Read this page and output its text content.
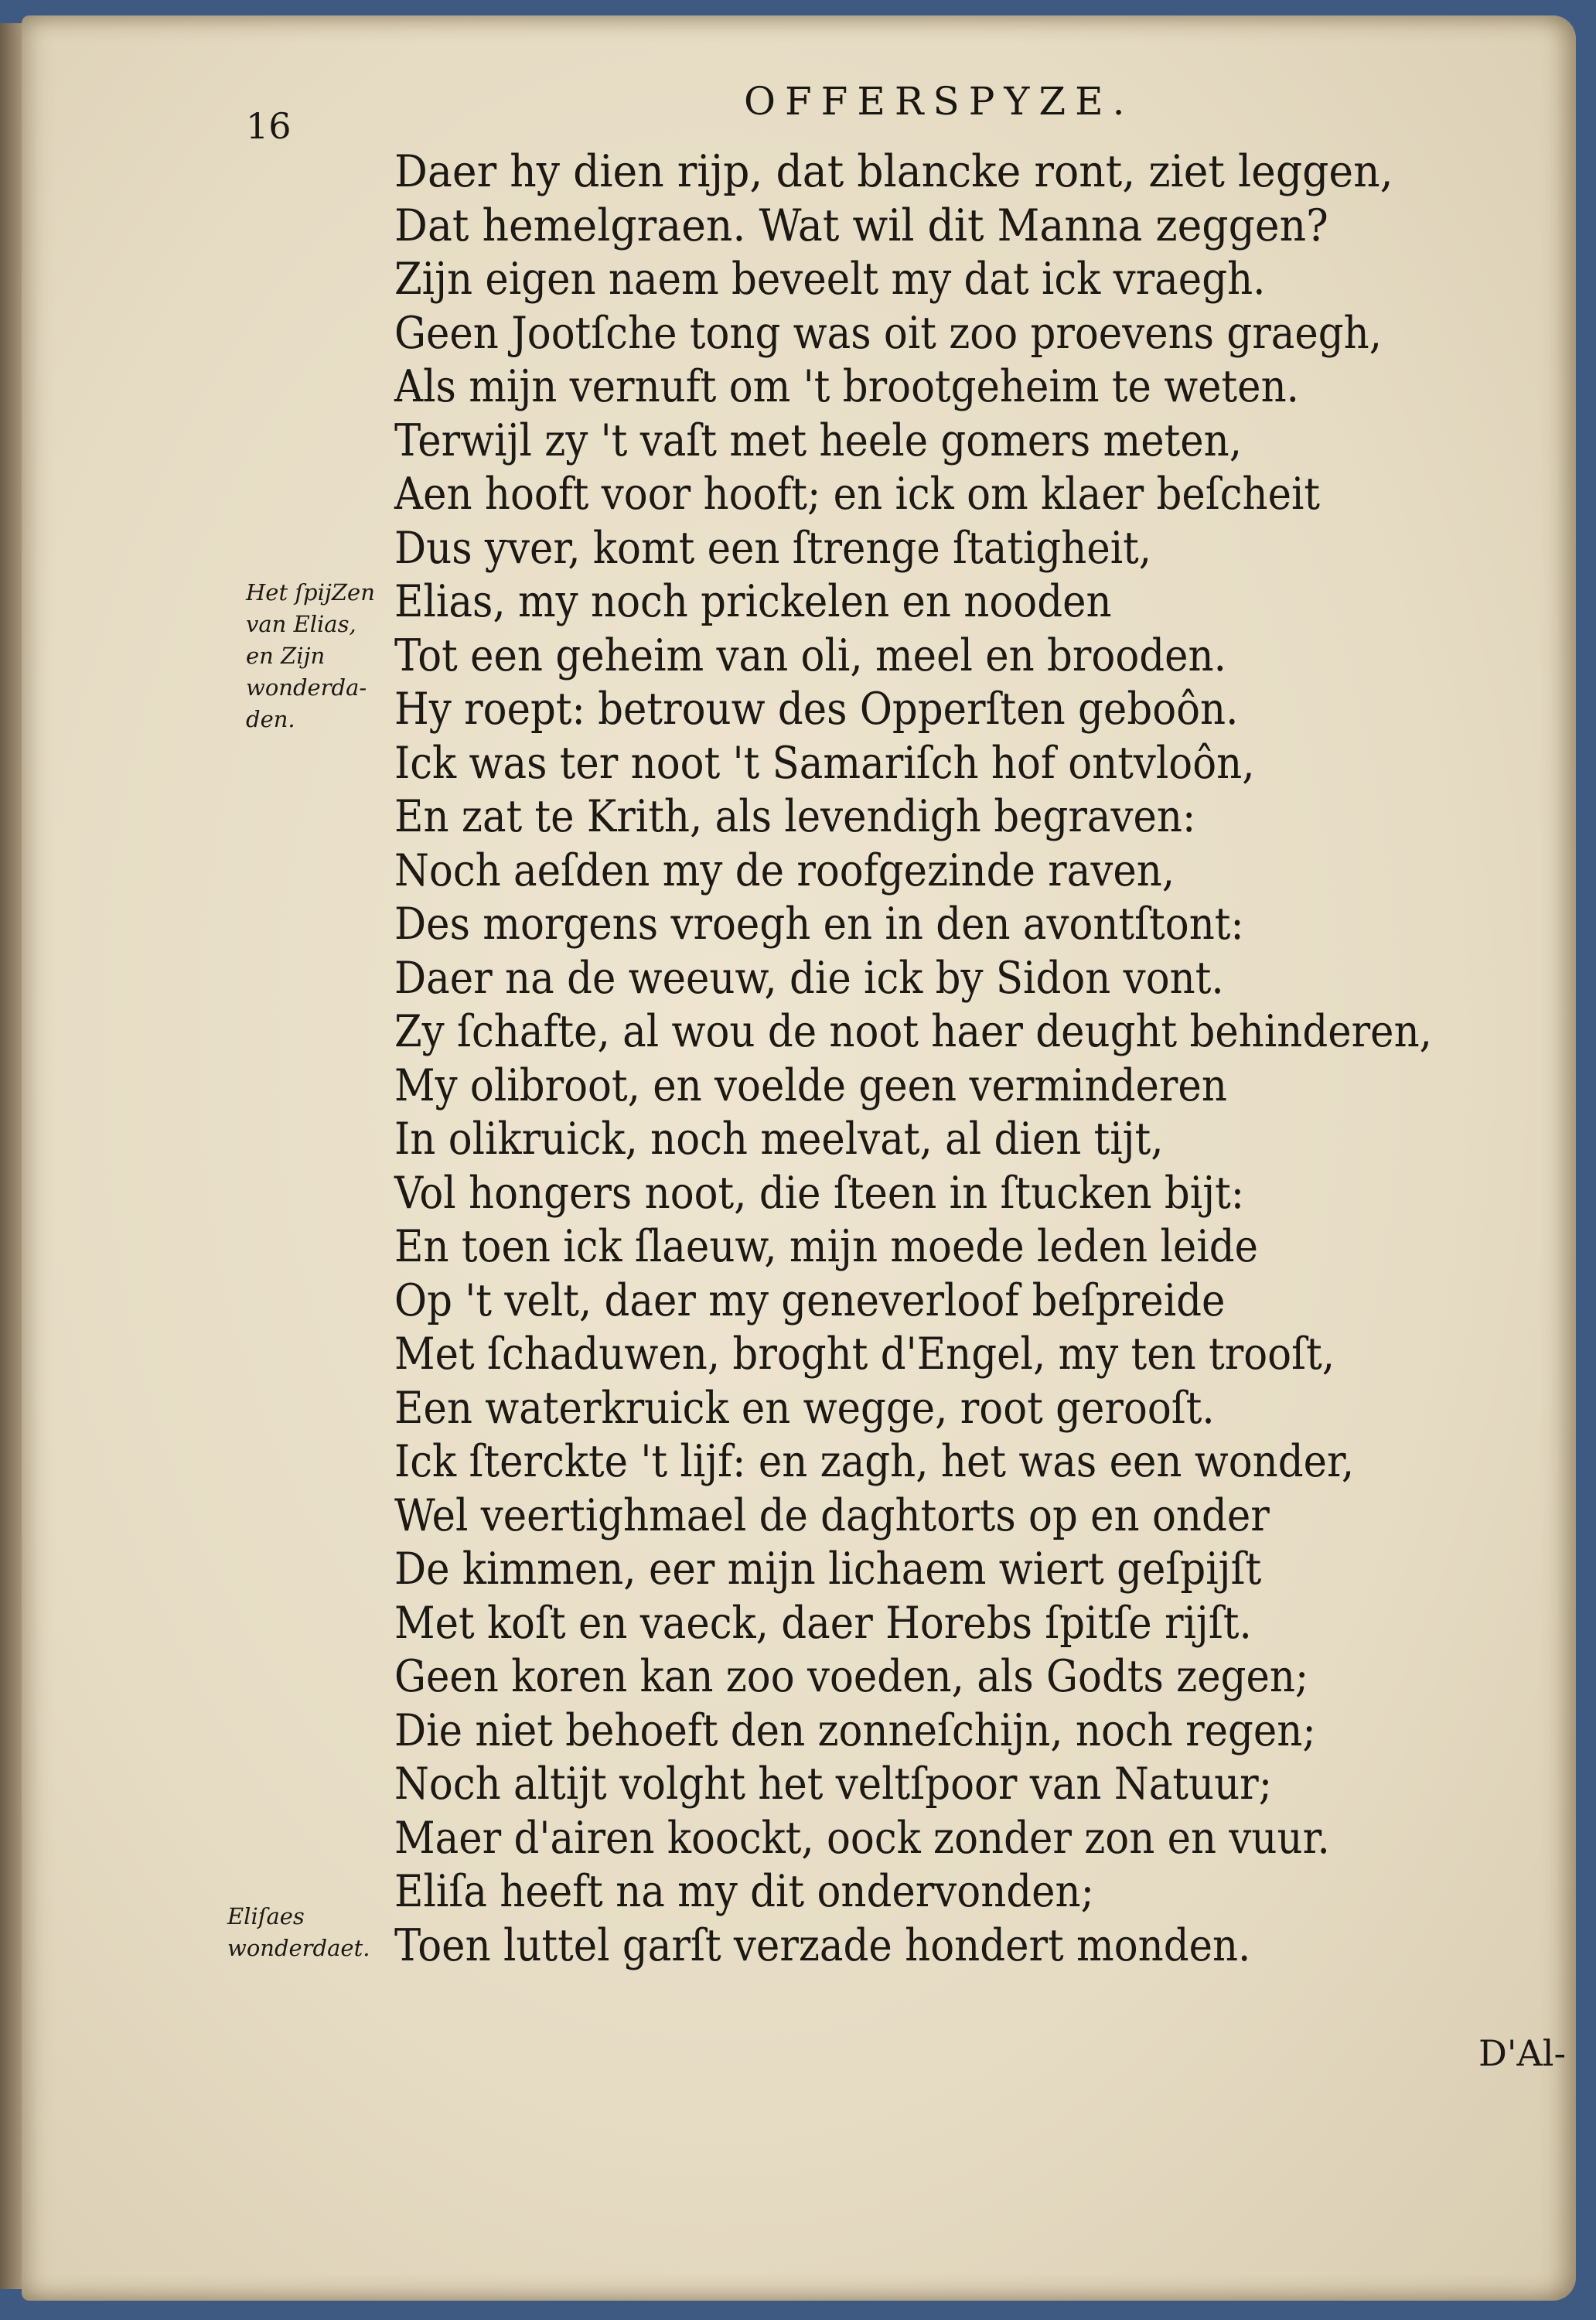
16
OFFERSPYZE.
Het ſpijZen
van Elias,
en Zijn
wonderda-
den.
Eliſaes
wonderdaet.
Daer hy dien rijp, dat blancke ront, ziet leggen, Dat hemelgraen. Wat wil dit Manna zeggen? Zijn eigen naem beveelt my dat ick vraegh. Geen Jootſche tong was oit zoo proevens graegh, Als mijn vernuft om 't brootgeheim te weten. Terwijl zy 't vaſt met heele gomers meten, Aen hooft voor hooft; en ick om klaer beſcheit Dus yver, komt een ſtrenge ſtatigheit, Elias, my noch prickelen en nooden Tot een geheim van oli, meel en brooden. Hy roept: betrouw des Opperſten geboôn. Ick was ter noot 't Samariſch hof ontvloôn, En zat te Krith, als levendigh begraven: Noch aeſden my de roofgezinde raven, Des morgens vroegh en in den avontſtont: Daer na de weeuw, die ick by Sidon vont. Zy ſchafte, al wou de noot haer deught behinderen, My olibroot, en voelde geen verminderen In olikruick, noch meelvat, al dien tijt, Vol hongers noot, die ſteen in ſtucken bijt: En toen ick ſlaeuw, mijn moede leden leide Op 't velt, daer my geneverloof beſpreide Met ſchaduwen, broght d'Engel, my ten trooſt, Een waterkruick en wegge, root gerooſt. Ick ſterckte 't lijf: en zagh, het was een wonder, Wel veertighmael de daghtorts op en onder De kimmen, eer mijn lichaem wiert geſpijſt Met koſt en vaeck, daer Horebs ſpitſe rijſt. Geen koren kan zoo voeden, als Godts zegen; Die niet behoeft den zonneſchijn, noch regen; Noch altijt volght het veltſpoor van Natuur; Maer d'airen koockt, oock zonder zon en vuur. Eliſa heeft na my dit ondervonden; Toen luttel garſt verzade hondert monden.
D'Al-
